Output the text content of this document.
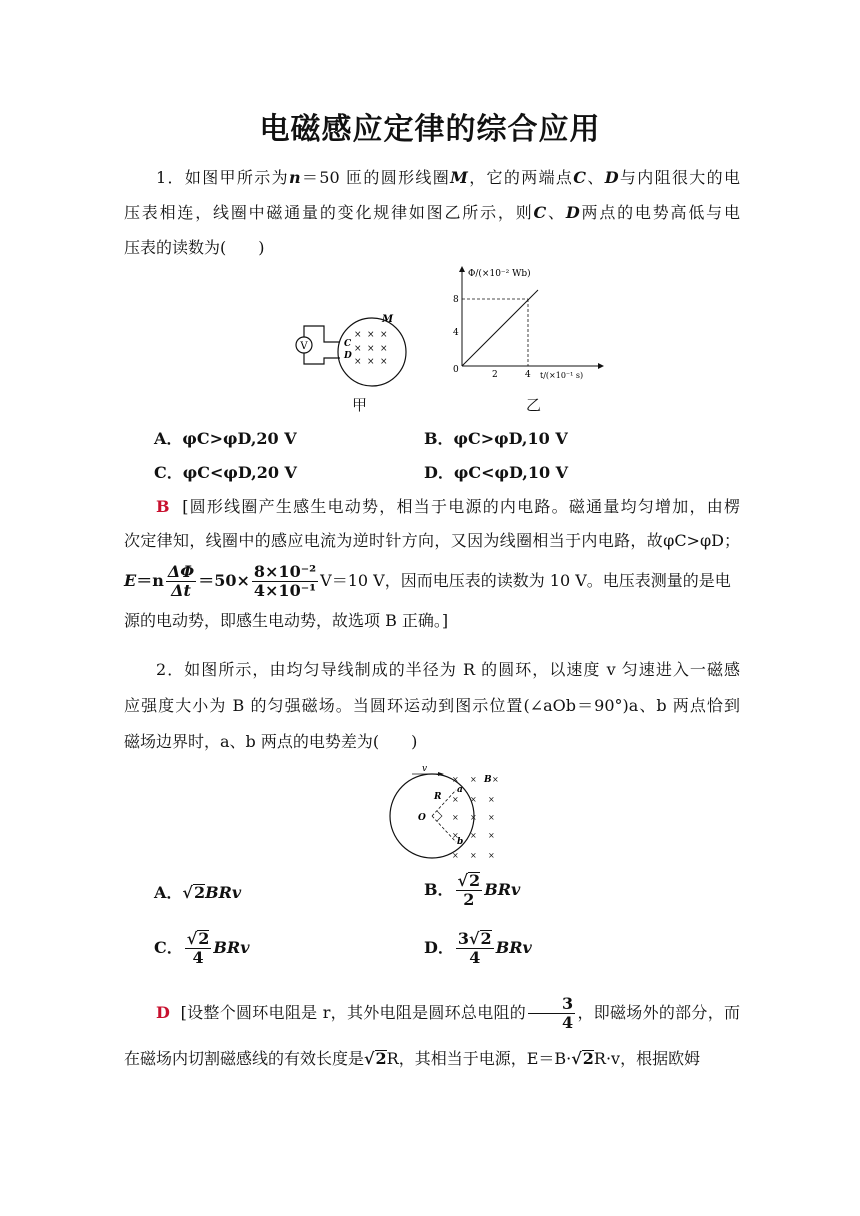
电磁感应定律的综合应用
1．如图甲所示为n＝50 匝的圆形线圈M，它的两端点C、D与内阻很大的电
压表相连，线圈中磁通量的变化规律如图乙所示，则C、D两点的电势高低与电
压表的读数为(　　)
V
× × ×
× × ×
× × ×
M
C
D
甲
Φ/(×10⁻² Wb)
t/(×10⁻¹ s)
0
4
8
2	4
乙
A．φC>φD,20 V	B．φC>φD,10 V
C．φC<φD,20 V	D．φC<φD,10 V
B [圆形线圈产生感生电动势，相当于电源的内电路。磁通量均匀增加，由楞
次定律知，线圈中的感应电流为逆时针方向，又因为线圈相当于内电路，故φC>φD；
$E=n \frac{\Delta\Phi}{\Delta t} =50\times \frac{\text{8×10⁻²}}{\text{4×10⁻¹}} V=10$ V，因而电压表的读数为 10 V。电压表测量的是电
源的电动势，即感生电动势，故选项 B 正确。]
2．如图所示，由均匀导线制成的半径为 R 的圆环，以速度 v 匀速进入一磁感
应强度大小为 B 的匀强磁场。当圆环运动到图示位置(∠aOb＝90°)a、b 两点恰到
磁场边界时，a、b 两点的电势差为(　　)
v
O
R
a
b
B
× × ×
× × ×
× × ×
× × ×
× × ×
A．√2BRv	B． $\frac{√2}{2}$ BRv
C． $\frac{√2}{4}$ BRv	D． $\frac{3√2}{4}$ BRv
D [设整个圆环电阻是 r，其外电阻是圆环总电阻的 $\frac{3}{4}$ ，即磁场外的部分，而
在磁场内切割磁感线的有效长度是√2R，其相当于电源，E＝B·√2R·v，根据欧姆
